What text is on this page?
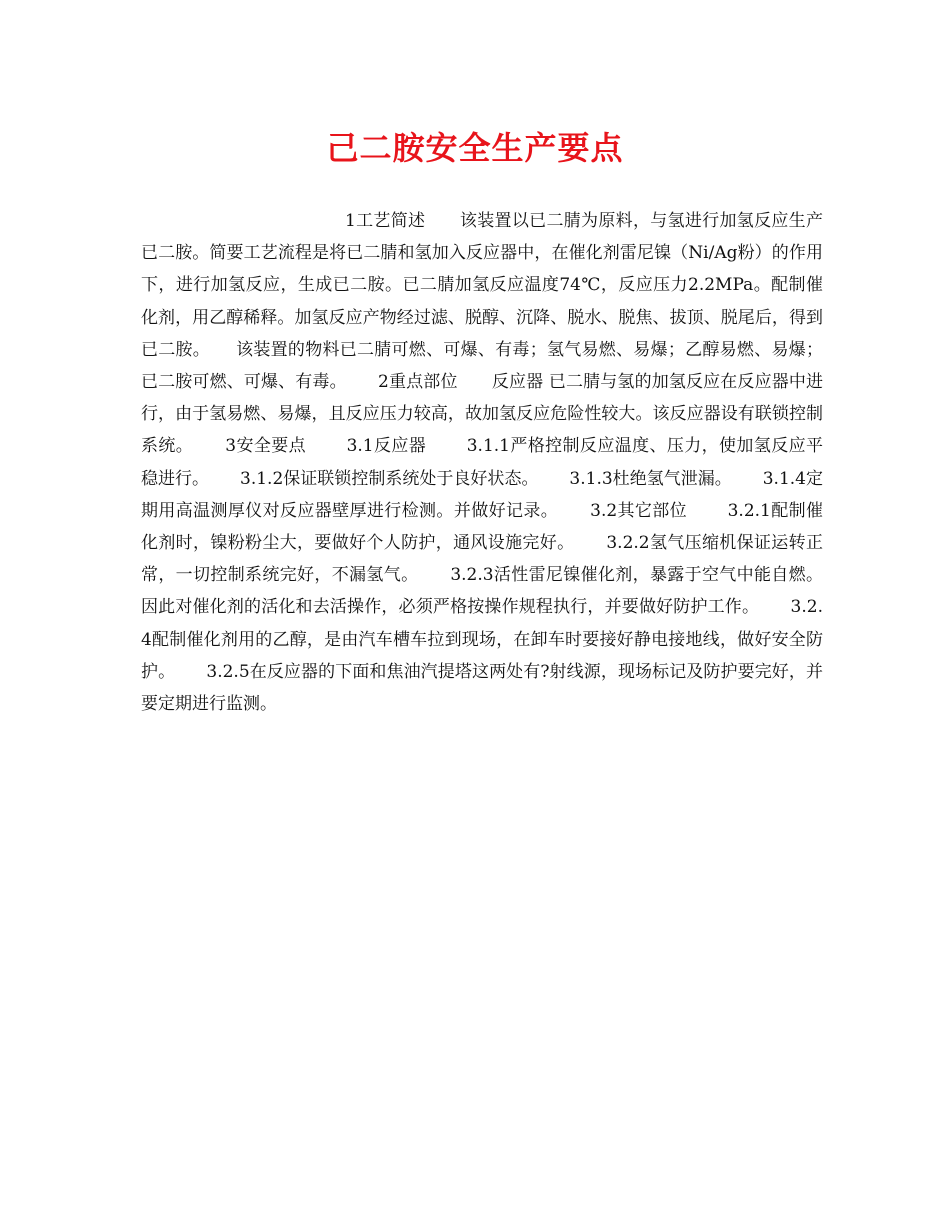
己二胺安全生产要点

1工艺简述　　该装置以已二腈为原料，与氢进行加氢反应生产已二胺。简要工艺流程是将已二腈和氢加入反应器中，在催化剂雷尼镍（Ni/Ag粉）的作用下，进行加氢反应，生成已二胺。已二腈加氢反应温度74℃，反应压力2.2MPa。配制催化剂，用乙醇稀释。加氢反应产物经过滤、脱醇、沉降、脱水、脱焦、拔顶、脱尾后，得到已二胺。　　该装置的物料已二腈可燃、可爆、有毒；氢气易燃、易爆；乙醇易燃、易爆；已二胺可燃、可爆、有毒。　　 2重点部位　　反应器 已二腈与氢的加氢反应在反应器中进行，由于氢易燃、易爆，且反应压力较高，故加氢反应危险性较大。该反应器设有联锁控制系统。　　 3安全要点　　 3.1反应器　　 3.1.1严格控制反应温度、压力，使加氢反应平稳进行。　　 3.1.2保证联锁控制系统处于良好状态。　　 3.1.3杜绝氢气泄漏。　　 3.1.4定期用高温测厚仪对反应器壁厚进行检测。并做好记录。　　 3.2其它部位　　 3.2.1配制催化剂时，镍粉粉尘大，要做好个人防护，通风设施完好。　　 3.2.2氢气压缩机保证运转正常，一切控制系统完好，不漏氢气。　　 3.2.3活性雷尼镍催化剂，暴露于空气中能自燃。因此对催化剂的活化和去活操作，必须严格按操作规程执行，并要做好防护工作。　　 3.2.4配制催化剂用的乙醇，是由汽车槽车拉到现场，在卸车时要接好静电接地线，做好安全防护。　　 3.2.5在反应器的下面和焦油汽提塔这两处有?射线源，现场标记及防护要完好，并要定期进行监测。
